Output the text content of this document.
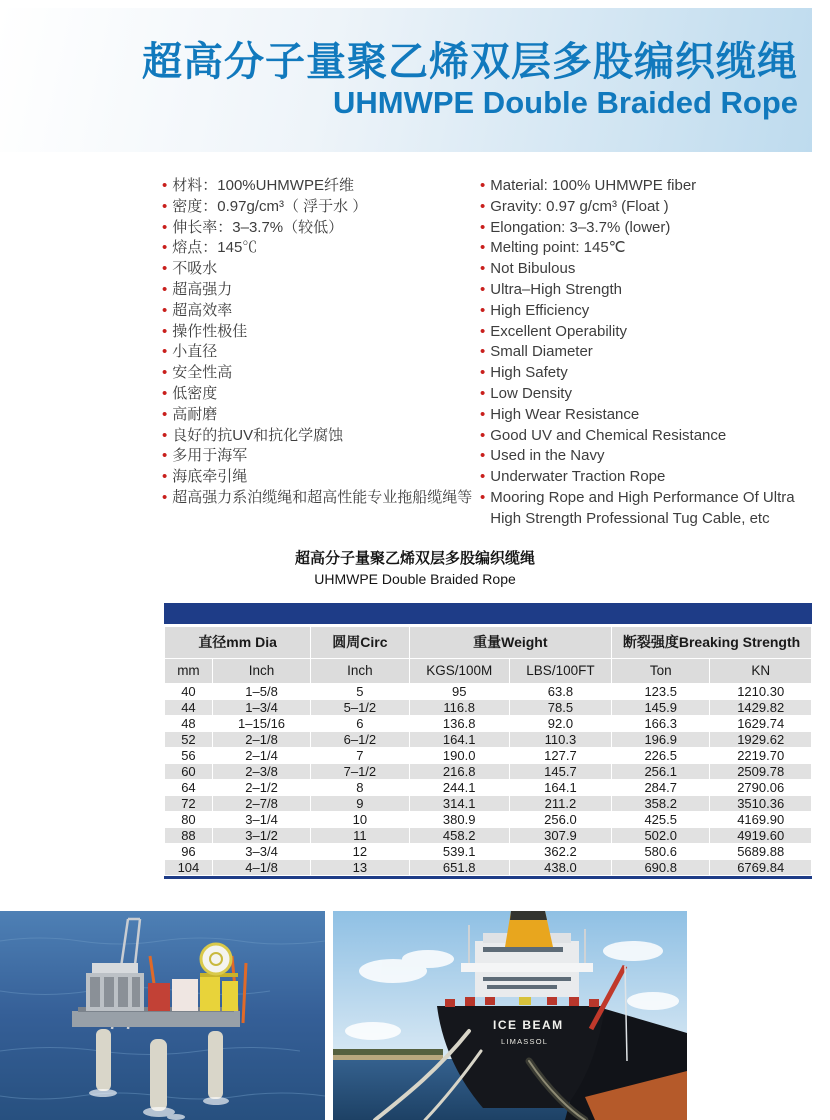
超高分子量聚乙烯双层多股编织缆绳
UHMWPE Double Braided Rope
• 材料：100%UHMWPE纤维
• 密度：0.97g/cm³（ 浮于水 ）
• 伸长率：3–3.7%（较低）
• 熔点：145℃
• 不吸水
• 超高强力
• 超高效率
• 操作性极佳
• 小直径
• 安全性高
• 低密度
• 高耐磨
• 良好的抗UV和抗化学腐蚀
• 多用于海军
• 海底牵引绳
• 超高强力系泊缆绳和超高性能专业拖船缆绳等
• Material: 100% UHMWPE fiber
• Gravity: 0.97 g/cm³ (Float )
• Elongation: 3–3.7% (lower)
• Melting point: 145℃
• Not Bibulous
• Ultra–High Strength
• High Efficiency
• Excellent Operability
• Small Diameter
• High Safety
• Low Density
• High Wear Resistance
• Good UV and Chemical Resistance
• Used in the Navy
• Underwater Traction Rope
• Mooring Rope and High Performance Of Ultra High Strength Professional Tug Cable, etc
超高分子量聚乙烯双层多股编织缆绳
UHMWPE Double Braided Rope
直径mm Dia		圆周Circ	重量Weight		断裂强度Breaking Strength	
mm	Inch	Inch	KGS/100M	LBS/100FT	Ton	KN
40	1–5/8	5	95	63.8	123.5	1210.30
44	1–3/4	5–1/2	116.8	78.5	145.9	1429.82
48	1–15/16	6	136.8	92.0	166.3	1629.74
52	2–1/8	6–1/2	164.1	110.3	196.9	1929.62
56	2–1/4	7	190.0	127.7	226.5	2219.70
60	2–3/8	7–1/2	216.8	145.7	256.1	2509.78
64	2–1/2	8	244.1	164.1	284.7	2790.06
72	2–7/8	9	314.1	211.2	358.2	3510.36
80	3–1/4	10	380.9	256.0	425.5	4169.90
88	3–1/2	11	458.2	307.9	502.0	4919.60
96	3–3/4	12	539.1	362.2	580.6	5689.88
104	4–1/8	13	651.8	438.0	690.8	6769.84
ICE BEAM
LIMASSOL
